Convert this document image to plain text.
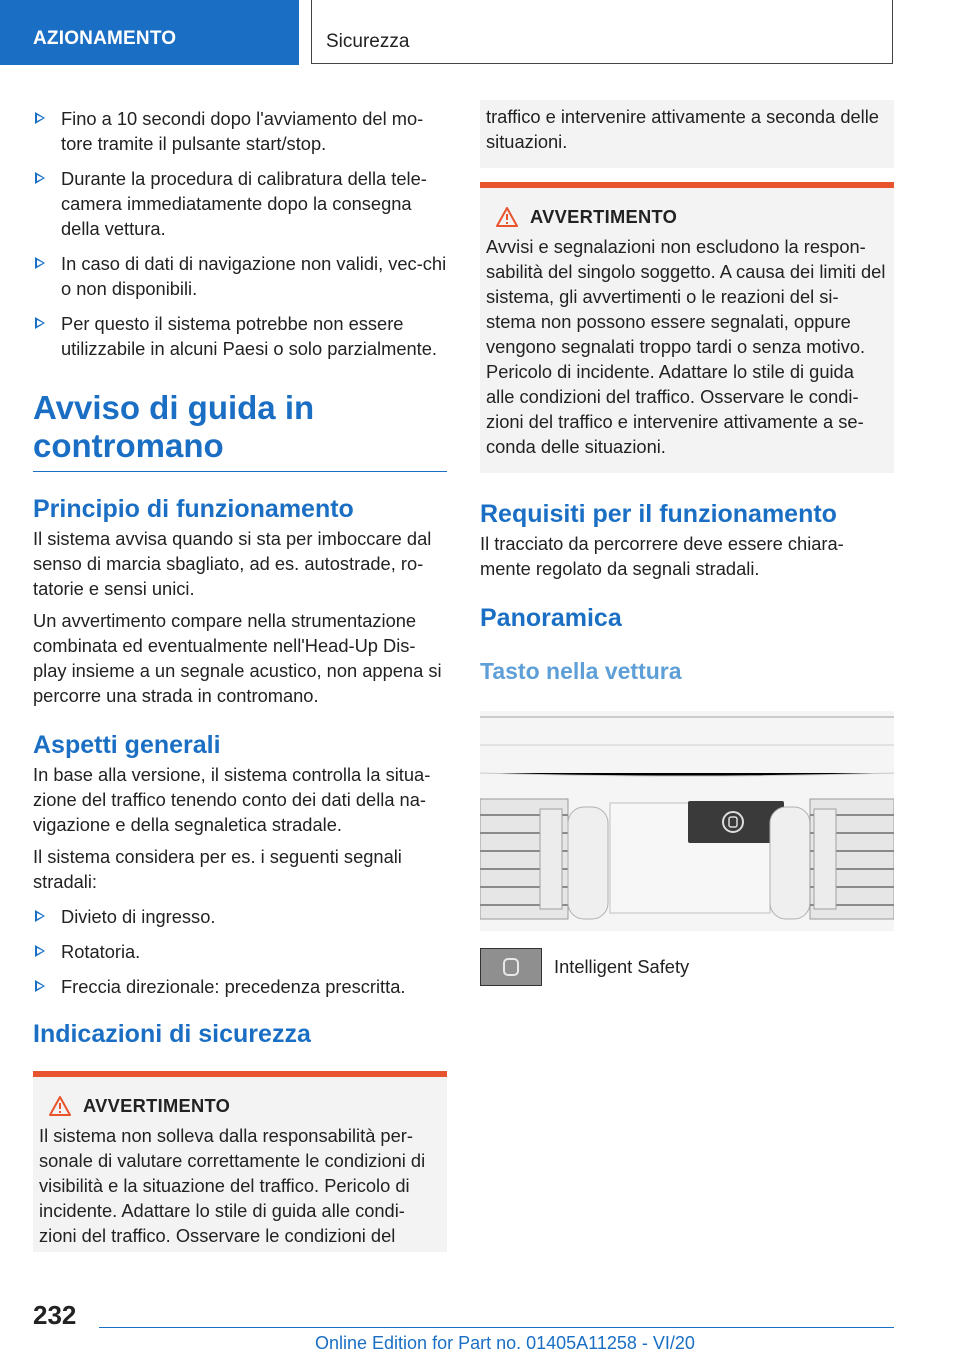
AZIONAMENTO	Sicurezza
Fino a 10 secondi dopo l'avviamento del mo-tore tramite il pulsante start/stop.
Durante la procedura di calibratura della tele-camera immediatamente dopo la consegna della vettura.
In caso di dati di navigazione non validi, vec-chi o non disponibili.
Per questo il sistema potrebbe non essere utilizzabile in alcuni Paesi o solo parzialmente.
Avviso di guida in contromano
Principio di funzionamento

Il sistema avvisa quando si sta per imboccare dal senso di marcia sbagliato, ad es. autostrade, ro-tatorie e sensi unici.

Un avvertimento compare nella strumentazione combinata ed eventualmente nell'Head-Up Dis-play insieme a un segnale acustico, non appena si percorre una strada in contromano.

Aspetti generali

In base alla versione, il sistema controlla la situa-zione del traffico tenendo conto dei dati della na-vigazione e della segnaletica stradale.

Il sistema considera per es. i seguenti segnali stradali:

Divieto di ingresso.
Rotatoria.
Freccia direzionale: precedenza prescritta.
Indicazioni di sicurezza
AVVERTIMENTO

Il sistema non solleva dalla responsabilità per-sonale di valutare correttamente le condizioni di visibilità e la situazione del traffico. Pericolo di incidente. Adattare lo stile di guida alle condi-zioni del traffico. Osservare le condizioni del

traffico e intervenire attivamente a seconda delle situazioni.

AVVERTIMENTO

Avvisi e segnalazioni non escludono la respon-sabilità del singolo soggetto. A causa dei limiti del sistema, gli avvertimenti o le reazioni del si-stema non possono essere segnalati, oppure vengono segnalati troppo tardi o senza motivo. Pericolo di incidente. Adattare lo stile di guida alle condizioni del traffico. Osservare le condi-zioni del traffico e intervenire attivamente a se-conda delle situazioni.

Requisiti per il funzionamento

Il tracciato da percorrere deve essere chiara-mente regolato da segnali stradali.

Panoramica
Tasto nella vettura

Intelligent Safety

232
Online Edition for Part no. 01405A11258 - VI/20
